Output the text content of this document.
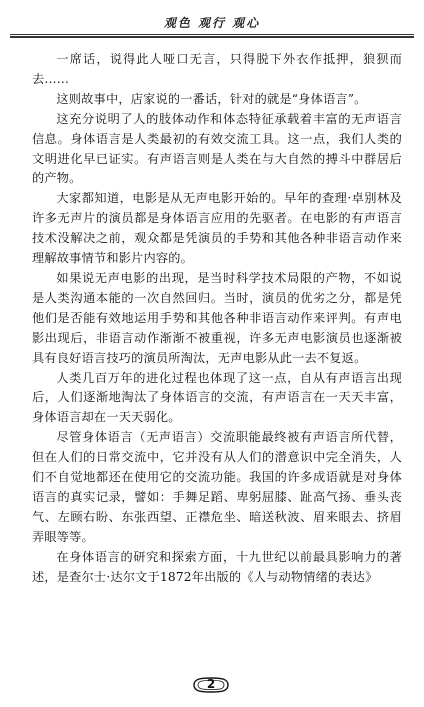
观色 观行 观心

一席话，说得此人哑口无言，只得脱下外衣作抵押，狼狈而去……

这则故事中，店家说的一番话，针对的就是“身体语言”。

这充分说明了人的肢体动作和体态特征承载着丰富的无声语言信息。身体语言是人类最初的有效交流工具。这一点，我们人类的文明进化早已证实。有声语言则是人类在与大自然的搏斗中群居后的产物。

大家都知道，电影是从无声电影开始的。早年的查理·卓别林及许多无声片的演员都是身体语言应用的先驱者。在电影的有声语言技术没解决之前，观众都是凭演员的手势和其他各种非语言动作来理解故事情节和影片内容的。

如果说无声电影的出现，是当时科学技术局限的产物，不如说是人类沟通本能的一次自然回归。当时，演员的优劣之分，都是凭他们是否能有效地运用手势和其他各种非语言动作来评判。有声电影出现后，非语言动作渐渐不被重视，许多无声电影演员也逐渐被具有良好语言技巧的演员所淘汰，无声电影从此一去不复返。

人类几百万年的进化过程也体现了这一点，自从有声语言出现后，人们逐渐地淘汰了身体语言的交流，有声语言在一天天丰富，身体语言却在一天天弱化。

尽管身体语言（无声语言）交流职能最终被有声语言所代替，但在人们的日常交流中，它并没有从人们的潜意识中完全消失，人们不自觉地都还在使用它的交流功能。我国的许多成语就是对身体语言的真实记录，譬如：手舞足蹈、卑躬屈膝、趾高气扬、垂头丧气、左顾右盼、东张西望、正襟危坐、暗送秋波、眉来眼去、挤眉弄眼等等。

在身体语言的研究和探索方面，十九世纪以前最具影响力的著述，是查尔士·达尔文于1872年出版的《人与动物情绪的表达》

2
